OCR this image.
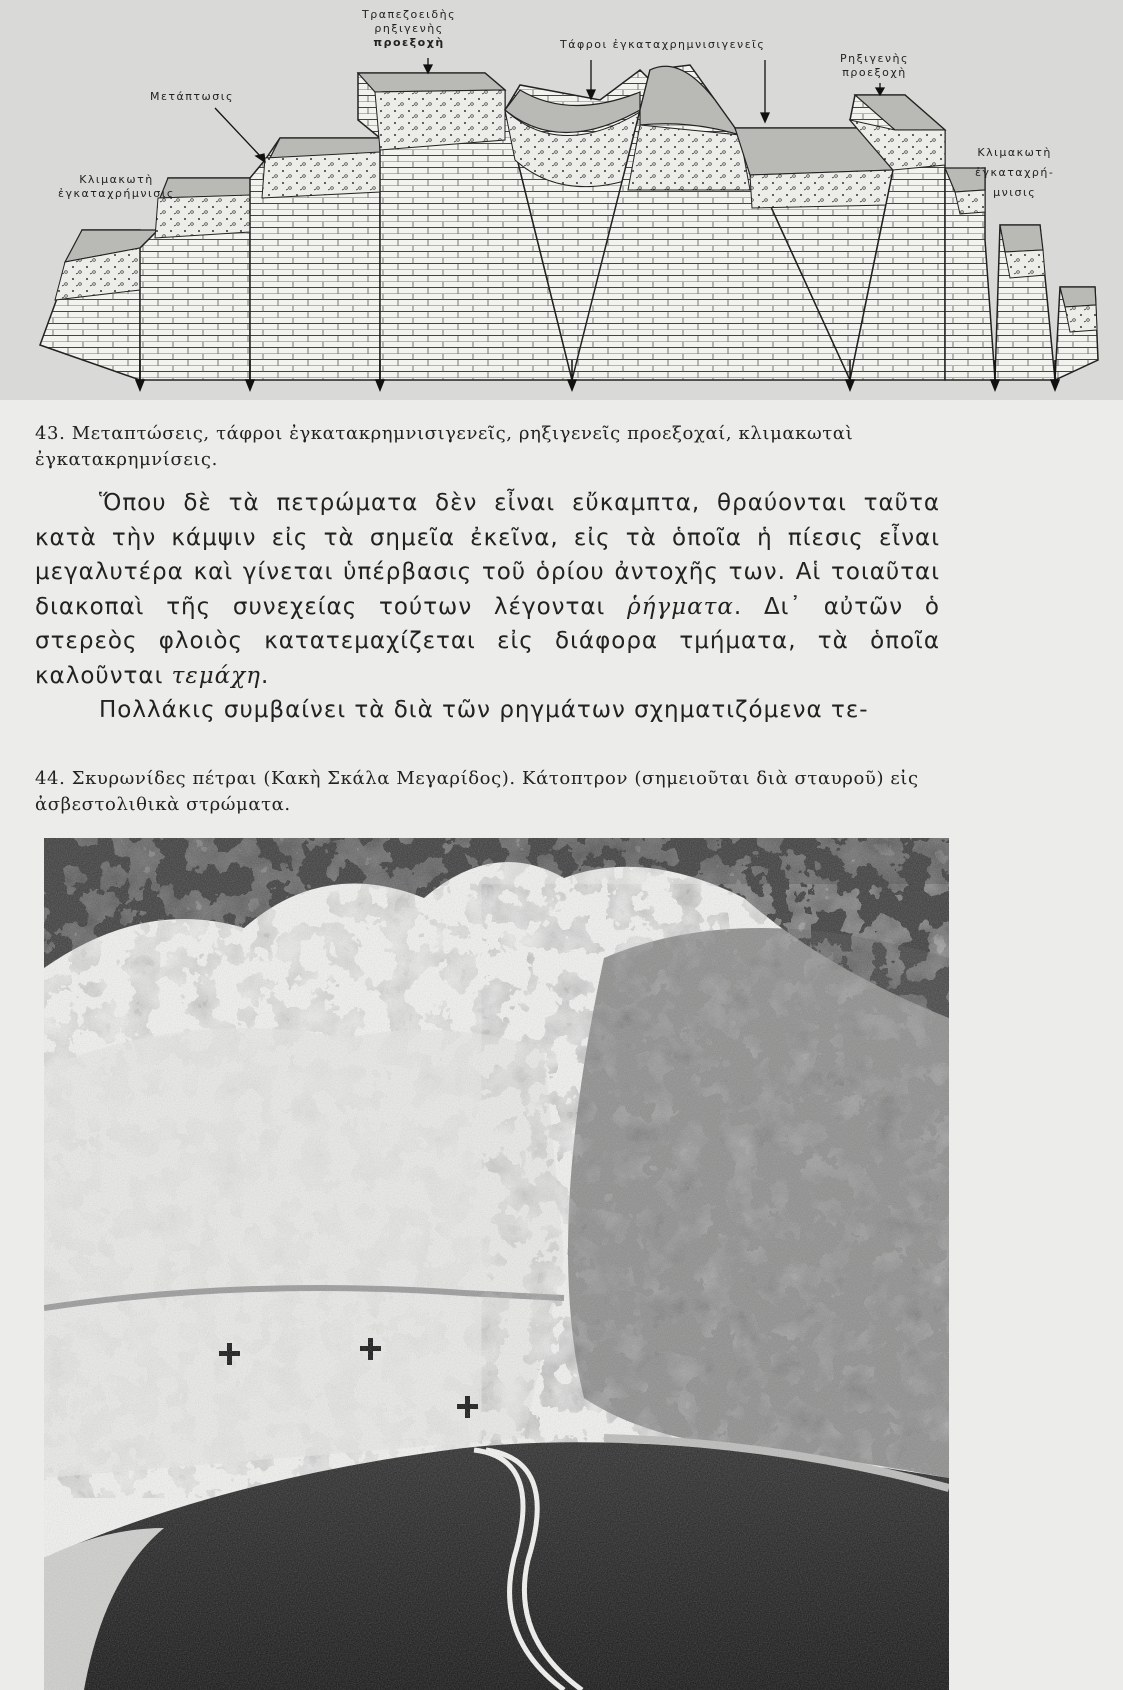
Τραπεζοειδὴς
ρηξιγενὴς
προεξοχὴ	Τάφροι ἐγκαταχρημνισιγενεῖς
Ρηξιγενὴς
προεξοχὴ
Μετάπτωσις
Κλιμακωτὴ
ἐγκαταχρήμνισις
Κλιμακωτὴ
ἐγκαταχρή-
μνισις
43. Μεταπτώσεις, τάφροι ἐγκατακρημνισιγενεῖς, ρηξιγενεῖς προεξοχαί, κλιμακωταὶ ἐγκατακρημνίσεις.

Ὅπου δὲ τὰ πετρώματα δὲν εἶναι εὔκαμπτα, θραύονται ταῦτα κατὰ τὴν κάμψιν εἰς τὰ σημεῖα ἐκεῖνα, εἰς τὰ ὁποῖα ἡ πίεσις εἶναι μεγαλυτέρα καὶ γίνεται ὑπέρβασις τοῦ ὁρίου ἀντοχῆς των. Αἱ τοιαῦται διακοπαὶ τῆς συνεχείας τούτων λέγονται ῥήγματα. Δι᾿ αὐτῶν ὁ στερεὸς φλοιὸς κατατεμαχίζεται εἰς διάφορα τμήματα, τὰ ὁποῖα καλοῦνται τεμάχη.

Πολλάκις συμβαίνει τὰ διὰ τῶν ρηγμάτων σχηματιζόμενα τε-

44. Σκυρωνίδες πέτραι (Κακὴ Σκάλα Μεγαρίδος). Κάτοπτρον (σημειοῦται διὰ σταυροῦ) εἰς ἀσβεστολιθικὰ στρώματα.
